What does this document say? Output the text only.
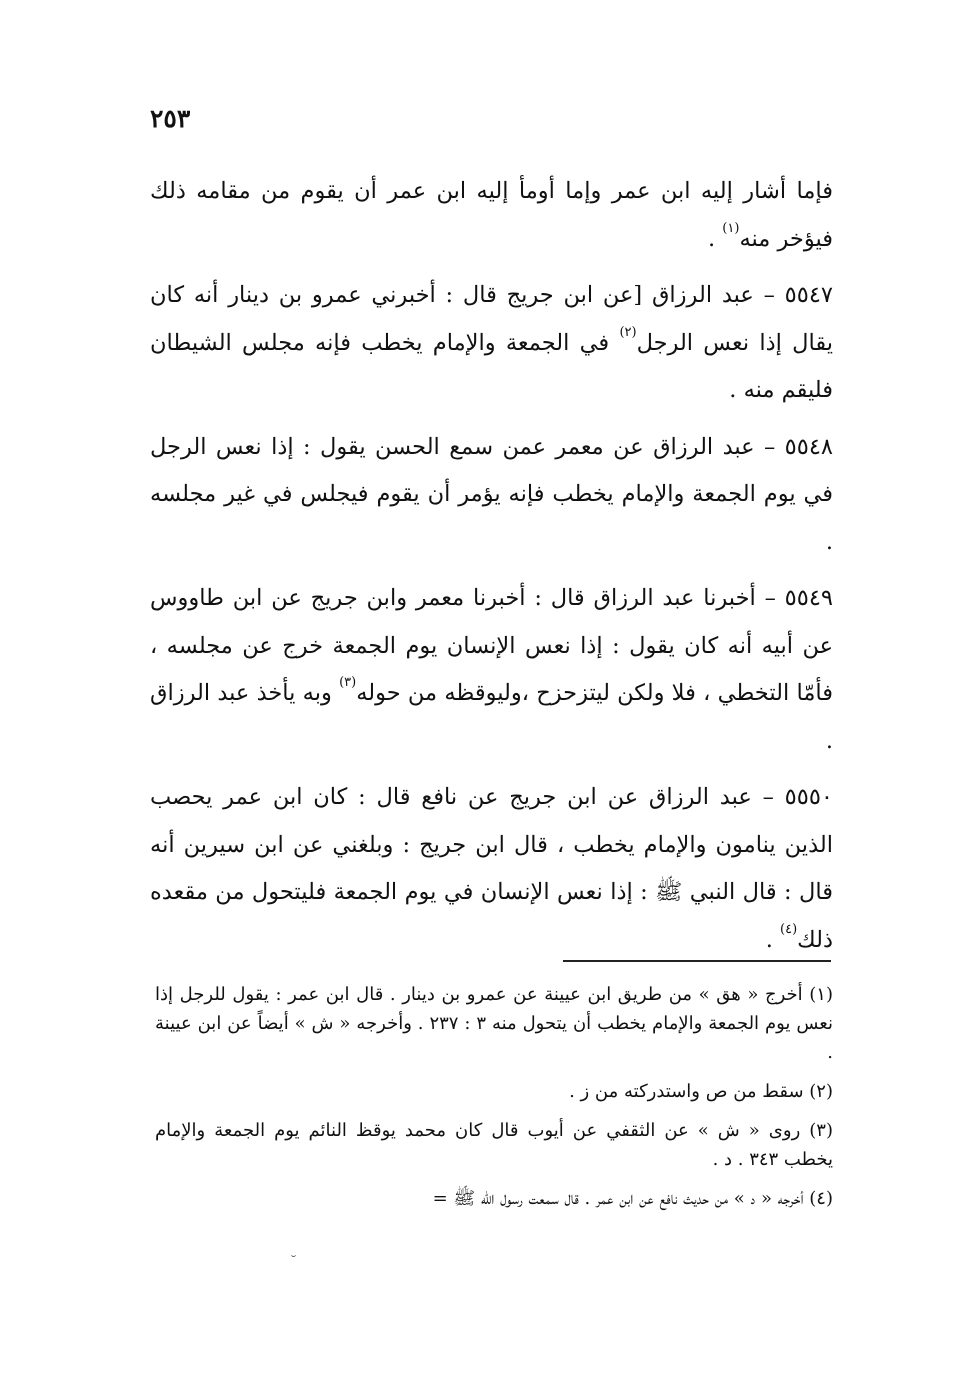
٢٥٣

فإما أشار إليه ابن عمر وإما أومأ إليه ابن عمر أن يقوم من مقامه ذلك فيؤخر منه$^{(١)}$ .

٥٥٤٧ – عبد الرزاق [عن ابن جريج قال : أخبرني عمرو بن دينار أنه كان يقال إذا نعس الرجل$^{(٢)}$ في الجمعة والإمام يخطب فإنه مجلس الشيطان فليقم منه .

٥٥٤٨ – عبد الرزاق عن معمر عمن سمع الحسن يقول : إذا نعس الرجل في يوم الجمعة والإمام يخطب فإنه يؤمر أن يقوم فيجلس في غير مجلسه .

٥٥٤٩ – أخبرنا عبد الرزاق قال : أخبرنا معمر وابن جريج عن ابن طاووس عن أبيه أنه كان يقول : إذا نعس الإنسان يوم الجمعة خرج عن مجلسه ، فأمّا التخطي ، فلا ولكن ليتزحزح ،وليوقظه من حوله$^{(٣)}$ وبه يأخذ عبد الرزاق .

٥٥٥٠ – عبد الرزاق عن ابن جريج عن نافع قال : كان ابن عمر يحصب الذين ينامون والإمام يخطب ، قال ابن جريج : وبلغني عن ابن سيرين أنه قال : قال النبي ﷺ : إذا نعس الإنسان في يوم الجمعة فليتحول من مقعده ذلك$^{(٤)}$ .

(١) أخرج « هق » من طريق ابن عيينة عن عمرو بن دينار . قال ابن عمر : يقول للرجل إذا نعس يوم الجمعة والإمام يخطب أن يتحول منه ٣ : ٢٣٧ . وأخرجه « ش » أيضاً عن ابن عيينة .

(٢) سقط من ص واستدركته من ز .

(٣) روى « ش » عن الثقفي عن أيوب قال كان محمد يوقظ النائم يوم الجمعة والإمام يخطب ٣٤٣ . د .

(٤) أخرجه « د » من حديث نافع عن ابن عمر . قال سمعت رسول الله ﷺ =

˘
